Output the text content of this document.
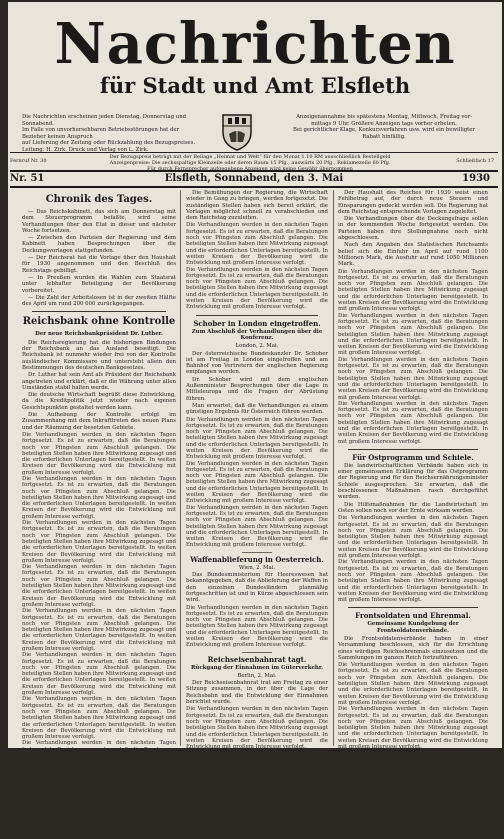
Nachrichten
für Stadt und Amt Elsfleth
Die Nachrichten erscheinen jeden Dienstag, Donnerstag und Sonnabend.
Im Falle von unvorhersehbaren Betriebsstörungen hat der Bezieher keinen Anspruch
auf Lieferung der Zeitung oder Rückzahlung des Bezugspreises.
Leitung: H. Zirk. Druck und Verlag von L. Zirk.
Anzeigenannahme bis spätestens Montag, Mittwoch, Freitag vor-
mittags 9 Uhr. Größere Anzeigen tags vorher erbeten.
Bei gerichtlicher Klage, Konkursverfahren usw. wird ein bewilligter
Rabatt hinfällig.
Fernruf Nr. 30
Der Bezugspreis beträgt mit der Beilage „Heimat und Welt“ für den Monat 1.10 RM ausschließlich Bestellgeld
Anzeigenpreise: Die sechsspaltige Kleinzeile oder deren Raum 15 Pfg., auswärts 20 Pfg., Reklamezeile 60 Pfg.
Für durch Fernsprecher aufgegebene Anzeigen wird keine Gewähr übernommen
Schließfach 17
Nr. 51	Elsfleth, Sonnabend, den 3. Mai	1930
Chronik des Tages.

— Das Reichskabinett, das sich am Donnerstag mit dem Steuerprogramm befaßte, wird seine Verhandlungen über den Etat in dieser und nächster Woche fortsetzen.

— Zwischen den Parteien der Regierung und dem Kabinett haben Besprechungen über die Deckungsvorlagen stattgefunden.

— Der Reichsrat hat die Vorlage über den Haushalt für 1930 angenommen und den Beschluß des Reichstags gebilligt.

— In Preußen wurden die Wahlen zum Staatsrat unter lebhafter Beteiligung der Bevölkerung vorbereitet.

— Die Zahl der Arbeitslosen ist in der zweiten Hälfte des April um rund 200 000 zurückgegangen.

Reichsbank ohne Kontrolle
Der neue Reichsbankpräsident Dr. Luther.

Die Reichsregierung hat die bisherigen Bindungen der Reichsbank an das Ausland beseitigt. Die Reichsbank ist nunmehr wieder frei von der Kontrolle ausländischer Kommissare und untersteht allein den Bestimmungen des deutschen Bankgesetzes.

Dr. Luther hat sein Amt als Präsident der Reichsbank angetreten und erklärt, daß er die Währung unter allen Umständen stabil halten werde.

Die deutsche Wirtschaft begrüßt diese Entwicklung, da die Kreditpolitik jetzt wieder nach eigenen Gesichtspunkten gestaltet werden kann.

Die Aufhebung der Kontrolle erfolgt im Zusammenhang mit dem Inkrafttreten des neuen Plans und der Räumung der besetzten Gebiete.

Die Verhandlungen werden in den nächsten Tagen fortgesetzt. Es ist zu erwarten, daß die Beratungen noch vor Pfingsten zum Abschluß gelangen. Die beteiligten Stellen haben ihre Mitwirkung zugesagt und die erforderlichen Unterlagen bereitgestellt. In weiten Kreisen der Bevölkerung wird die Entwicklung mit großem Interesse verfolgt.

Die Verhandlungen werden in den nächsten Tagen fortgesetzt. Es ist zu erwarten, daß die Beratungen noch vor Pfingsten zum Abschluß gelangen. Die beteiligten Stellen haben ihre Mitwirkung zugesagt und die erforderlichen Unterlagen bereitgestellt. In weiten Kreisen der Bevölkerung wird die Entwicklung mit großem Interesse verfolgt.

Die Verhandlungen werden in den nächsten Tagen fortgesetzt. Es ist zu erwarten, daß die Beratungen noch vor Pfingsten zum Abschluß gelangen. Die beteiligten Stellen haben ihre Mitwirkung zugesagt und die erforderlichen Unterlagen bereitgestellt. In weiten Kreisen der Bevölkerung wird die Entwicklung mit großem Interesse verfolgt.

Die Verhandlungen werden in den nächsten Tagen fortgesetzt. Es ist zu erwarten, daß die Beratungen noch vor Pfingsten zum Abschluß gelangen. Die beteiligten Stellen haben ihre Mitwirkung zugesagt und die erforderlichen Unterlagen bereitgestellt. In weiten Kreisen der Bevölkerung wird die Entwicklung mit großem Interesse verfolgt.

Die Verhandlungen werden in den nächsten Tagen fortgesetzt. Es ist zu erwarten, daß die Beratungen noch vor Pfingsten zum Abschluß gelangen. Die beteiligten Stellen haben ihre Mitwirkung zugesagt und die erforderlichen Unterlagen bereitgestellt. In weiten Kreisen der Bevölkerung wird die Entwicklung mit großem Interesse verfolgt.

Die Verhandlungen werden in den nächsten Tagen fortgesetzt. Es ist zu erwarten, daß die Beratungen noch vor Pfingsten zum Abschluß gelangen. Die beteiligten Stellen haben ihre Mitwirkung zugesagt und die erforderlichen Unterlagen bereitgestellt. In weiten Kreisen der Bevölkerung wird die Entwicklung mit großem Interesse verfolgt.

Die Verhandlungen werden in den nächsten Tagen fortgesetzt. Es ist zu erwarten, daß die Beratungen noch vor Pfingsten zum Abschluß gelangen. Die beteiligten Stellen haben ihre Mitwirkung zugesagt und die erforderlichen Unterlagen bereitgestellt. In weiten Kreisen der Bevölkerung wird die Entwicklung mit großem Interesse verfolgt.

Die Verhandlungen werden in den nächsten Tagen fortgesetzt. Es ist zu erwarten, daß die Beratungen noch vor Pfingsten zum Abschluß gelangen. Die beteiligten Stellen haben ihre Mitwirkung zugesagt und die erforderlichen Unterlagen bereitgestellt. In weiten Kreisen der Bevölkerung wird die Entwicklung mit großem Interesse verfolgt.

Die Bemühungen der Regierung, die Wirtschaft wieder in Gang zu bringen, werden fortgesetzt. Die zuständigen Stellen haben sich bereit erklärt, die Vorlagen möglichst schnell zu verabschieden und dem Reichstag zuzuleiten.

Die Verhandlungen werden in den nächsten Tagen fortgesetzt. Es ist zu erwarten, daß die Beratungen noch vor Pfingsten zum Abschluß gelangen. Die beteiligten Stellen haben ihre Mitwirkung zugesagt und die erforderlichen Unterlagen bereitgestellt. In weiten Kreisen der Bevölkerung wird die Entwicklung mit großem Interesse verfolgt.

Die Verhandlungen werden in den nächsten Tagen fortgesetzt. Es ist zu erwarten, daß die Beratungen noch vor Pfingsten zum Abschluß gelangen. Die beteiligten Stellen haben ihre Mitwirkung zugesagt und die erforderlichen Unterlagen bereitgestellt. In weiten Kreisen der Bevölkerung wird die Entwicklung mit großem Interesse verfolgt.

Schober in London eingetroffen.
Zum Abschluß der Verhandlungen über die Konferenz.
London, 2. Mai.

Der österreichische Bundeskanzler Dr. Schober ist am Freitag in London eingetroffen und am Bahnhof von Vertretern der englischen Regierung empfangen worden.

Dr. Schober wird mit dem englischen Außenminister Besprechungen über die Lage in Mitteleuropa und die Fragen der Abrüstung führen.

Man erwartet, daß die Verhandlungen zu einem günstigen Ergebnis für Österreich führen werden.

Die Verhandlungen werden in den nächsten Tagen fortgesetzt. Es ist zu erwarten, daß die Beratungen noch vor Pfingsten zum Abschluß gelangen. Die beteiligten Stellen haben ihre Mitwirkung zugesagt und die erforderlichen Unterlagen bereitgestellt. In weiten Kreisen der Bevölkerung wird die Entwicklung mit großem Interesse verfolgt.

Die Verhandlungen werden in den nächsten Tagen fortgesetzt. Es ist zu erwarten, daß die Beratungen noch vor Pfingsten zum Abschluß gelangen. Die beteiligten Stellen haben ihre Mitwirkung zugesagt und die erforderlichen Unterlagen bereitgestellt. In weiten Kreisen der Bevölkerung wird die Entwicklung mit großem Interesse verfolgt.

Die Verhandlungen werden in den nächsten Tagen fortgesetzt. Es ist zu erwarten, daß die Beratungen noch vor Pfingsten zum Abschluß gelangen. Die beteiligten Stellen haben ihre Mitwirkung zugesagt und die erforderlichen Unterlagen bereitgestellt. In weiten Kreisen der Bevölkerung wird die Entwicklung mit großem Interesse verfolgt.

Waffenablieferung in Oesterreich.
Wien, 2. Mai.

Das Bundesministerium für Heereswesen hat bekanntgegeben, daß die Ablieferung der Waffen in den einzelnen Bundesländern planmäßig fortgeschritten ist und in Kürze abgeschlossen sein wird.

Die Verhandlungen werden in den nächsten Tagen fortgesetzt. Es ist zu erwarten, daß die Beratungen noch vor Pfingsten zum Abschluß gelangen. Die beteiligten Stellen haben ihre Mitwirkung zugesagt und die erforderlichen Unterlagen bereitgestellt. In weiten Kreisen der Bevölkerung wird die Entwicklung mit großem Interesse verfolgt.

Reichseisenbahnrat tagt.
Rückgang der Einnahmen im Güterverkehr.
Berlin, 2. Mai.

Der Reichseisenbahnrat trat am Freitag zu einer Sitzung zusammen, in der über die Lage der Reichsbahn und die Entwicklung der Einnahmen berichtet wurde.

Die Verhandlungen werden in den nächsten Tagen fortgesetzt. Es ist zu erwarten, daß die Beratungen noch vor Pfingsten zum Abschluß gelangen. Die beteiligten Stellen haben ihre Mitwirkung zugesagt und die erforderlichen Unterlagen bereitgestellt. In weiten Kreisen der Bevölkerung wird die Entwicklung mit großem Interesse verfolgt.

Die Verhandlungen werden in den nächsten Tagen fortgesetzt. Es ist zu erwarten, daß die Beratungen noch vor Pfingsten zum Abschluß gelangen. Die beteiligten Stellen haben ihre Mitwirkung zugesagt und die erforderlichen Unterlagen bereitgestellt. In weiten Kreisen der Bevölkerung wird die Entwicklung mit großem Interesse verfolgt.

Die Verhandlungen werden in den nächsten Tagen fortgesetzt. Es ist zu erwarten, daß die Beratungen noch vor Pfingsten zum Abschluß gelangen. Die beteiligten Stellen haben ihre Mitwirkung zugesagt und die erforderlichen Unterlagen bereitgestellt. In weiten Kreisen der Bevölkerung wird die Entwicklung mit großem Interesse verfolgt.

Der Haushalt des Reiches für 1930 weist einen Fehlbetrag auf, der durch neue Steuern und Einsparungen gedeckt werden soll. Die Regierung hat dem Reichstag entsprechende Vorlagen zugeleitet.

Die Verhandlungen über die Deckungsfrage sollen in der kommenden Woche fortgesetzt werden. Die Parteien haben ihre Stellungnahme noch nicht abgeschlossen.

Nach den Angaben des Statistischen Reichsamts belief sich die Einfuhr im April auf rund 1100 Millionen Mark, die Ausfuhr auf rund 1050 Millionen Mark.

Die Verhandlungen werden in den nächsten Tagen fortgesetzt. Es ist zu erwarten, daß die Beratungen noch vor Pfingsten zum Abschluß gelangen. Die beteiligten Stellen haben ihre Mitwirkung zugesagt und die erforderlichen Unterlagen bereitgestellt. In weiten Kreisen der Bevölkerung wird die Entwicklung mit großem Interesse verfolgt.

Die Verhandlungen werden in den nächsten Tagen fortgesetzt. Es ist zu erwarten, daß die Beratungen noch vor Pfingsten zum Abschluß gelangen. Die beteiligten Stellen haben ihre Mitwirkung zugesagt und die erforderlichen Unterlagen bereitgestellt. In weiten Kreisen der Bevölkerung wird die Entwicklung mit großem Interesse verfolgt.

Die Verhandlungen werden in den nächsten Tagen fortgesetzt. Es ist zu erwarten, daß die Beratungen noch vor Pfingsten zum Abschluß gelangen. Die beteiligten Stellen haben ihre Mitwirkung zugesagt und die erforderlichen Unterlagen bereitgestellt. In weiten Kreisen der Bevölkerung wird die Entwicklung mit großem Interesse verfolgt.

Die Verhandlungen werden in den nächsten Tagen fortgesetzt. Es ist zu erwarten, daß die Beratungen noch vor Pfingsten zum Abschluß gelangen. Die beteiligten Stellen haben ihre Mitwirkung zugesagt und die erforderlichen Unterlagen bereitgestellt. In weiten Kreisen der Bevölkerung wird die Entwicklung mit großem Interesse verfolgt.

Für Ostprogramm und Schiele.

Die landwirtschaftlichen Verbände haben sich in einer gemeinsamen Erklärung für das Ostprogramm der Regierung und für den Reichsernährungsminister Schiele ausgesprochen. Sie erwarten, daß die beschlossenen Maßnahmen rasch durchgeführt werden.

Die Hilfsmaßnahmen für die Landwirtschaft im Osten sollen noch vor der Ernte wirksam werden.

Die Verhandlungen werden in den nächsten Tagen fortgesetzt. Es ist zu erwarten, daß die Beratungen noch vor Pfingsten zum Abschluß gelangen. Die beteiligten Stellen haben ihre Mitwirkung zugesagt und die erforderlichen Unterlagen bereitgestellt. In weiten Kreisen der Bevölkerung wird die Entwicklung mit großem Interesse verfolgt.

Die Verhandlungen werden in den nächsten Tagen fortgesetzt. Es ist zu erwarten, daß die Beratungen noch vor Pfingsten zum Abschluß gelangen. Die beteiligten Stellen haben ihre Mitwirkung zugesagt und die erforderlichen Unterlagen bereitgestellt. In weiten Kreisen der Bevölkerung wird die Entwicklung mit großem Interesse verfolgt.

Frontsoldaten und Ehrenmal.
Gemeinsame Kundgebung der Frontsoldatenverbände.

Die Frontsoldatenverbände haben in einer Versammlung beschlossen, sich für die Errichtung eines würdigen Reichsehrenmals einzusetzen und die Sammlungen im ganzen Reich fortzuführen.

Die Verhandlungen werden in den nächsten Tagen fortgesetzt. Es ist zu erwarten, daß die Beratungen noch vor Pfingsten zum Abschluß gelangen. Die beteiligten Stellen haben ihre Mitwirkung zugesagt und die erforderlichen Unterlagen bereitgestellt. In weiten Kreisen der Bevölkerung wird die Entwicklung mit großem Interesse verfolgt.

Die Verhandlungen werden in den nächsten Tagen fortgesetzt. Es ist zu erwarten, daß die Beratungen noch vor Pfingsten zum Abschluß gelangen. Die beteiligten Stellen haben ihre Mitwirkung zugesagt und die erforderlichen Unterlagen bereitgestellt. In weiten Kreisen der Bevölkerung wird die Entwicklung mit großem Interesse verfolgt.

Die Verhandlungen werden in den nächsten Tagen fortgesetzt. Es ist zu erwarten, daß die Beratungen noch vor Pfingsten zum Abschluß gelangen. Die beteiligten Stellen haben ihre Mitwirkung zugesagt und die erforderlichen Unterlagen bereitgestellt. In weiten Kreisen der Bevölkerung wird die Entwicklung mit großem Interesse verfolgt.

Die Verhandlungen werden in den nächsten Tagen fortgesetzt. Es ist zu erwarten, daß die Beratungen noch vor Pfingsten zum Abschluß gelangen. Die beteiligten Stellen haben ihre Mitwirkung zugesagt und die erforderlichen Unterlagen bereitgestellt. In weiten Kreisen der Bevölkerung wird die Entwicklung mit großem Interesse verfolgt.
